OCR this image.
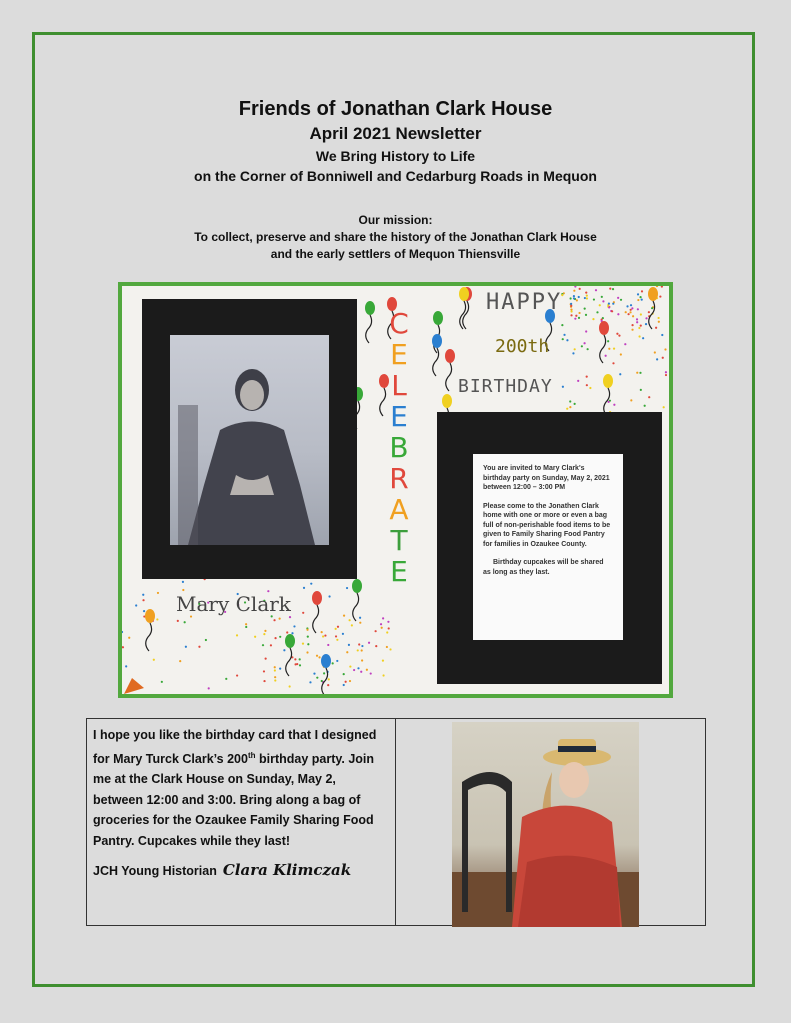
Friends of Jonathan Clark House
April 2021 Newsletter
We Bring History to Life
on the Corner of Bonniwell and Cedarburg Roads in Mequon
Our mission:
To collect, preserve and share the history of the Jonathan Clark House
and the early settlers of Mequon Thiensville

You are invited to Mary Clark's birthday party on Sunday, May 2, 2021 between 12:00 – 3:00 PM

Please come to the Jonathen Clark home with one or more or even a bag full of non-perishable food items to be given to Family Sharing Food Pantry for families in Ozaukee County.

Birthday cupcakes will be shared as long as they last.

HAPPY
200th
BIRTHDAY
Mary Clark
C
E
L
E
B
R
A
T
E

I hope you like the birthday card that I designed for Mary Turck Clark’s 200th birthday party. Join me at the Clark House on Sunday, May 2, between 12:00 and 3:00. Bring along a bag of groceries for the Ozaukee Family Sharing Food Pantry. Cupcakes while they last!

JCH Young Historian Clara Klimczak
